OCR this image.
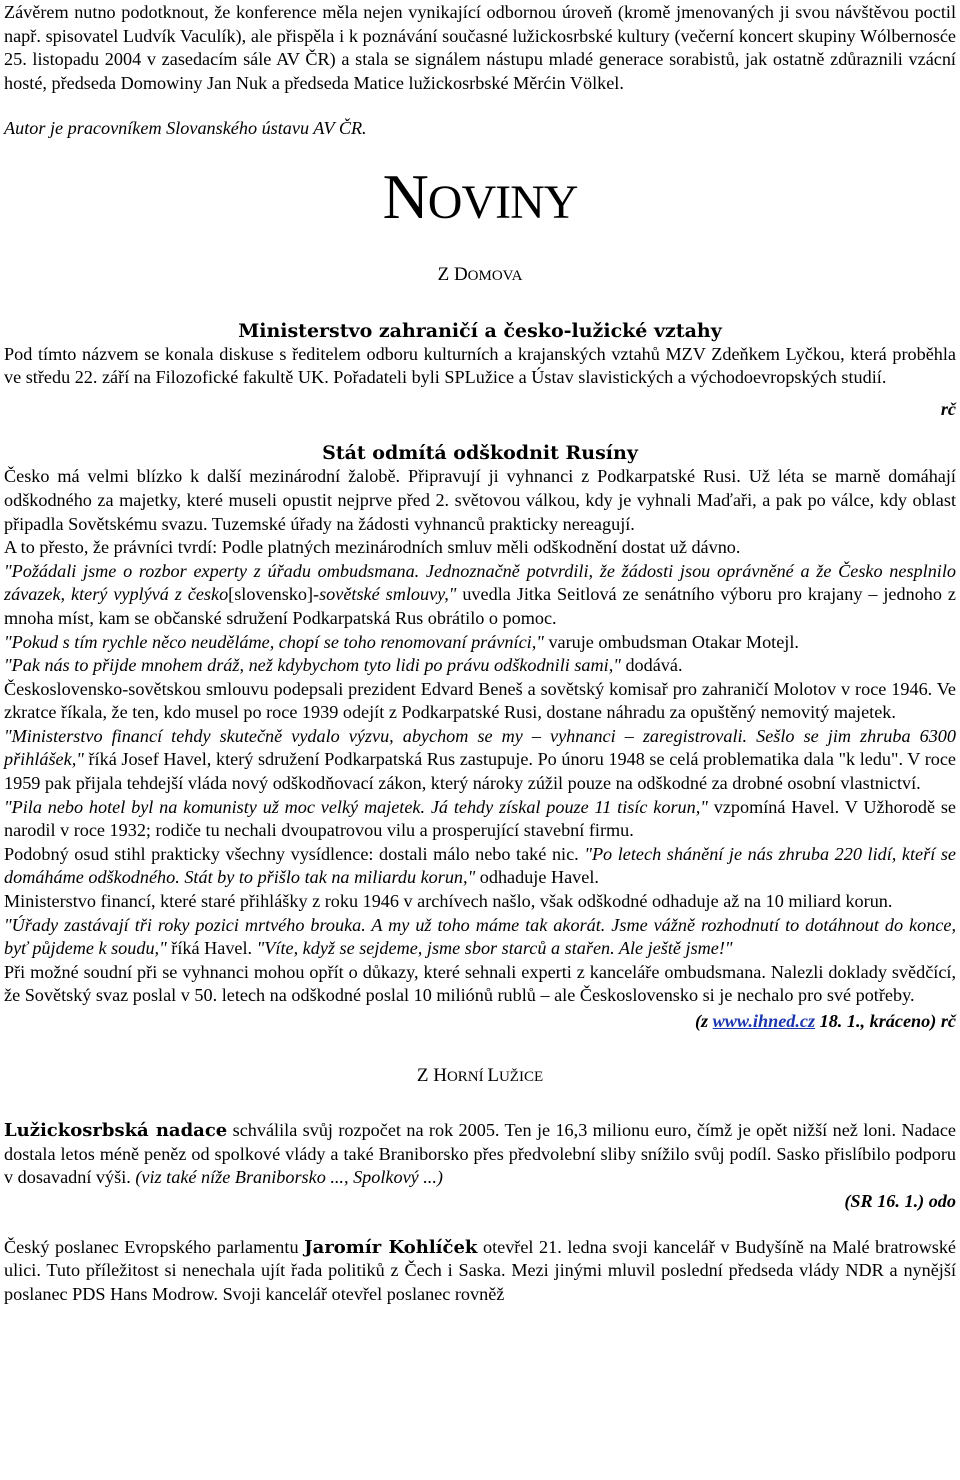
Závěrem nutno podotknout, že konference měla nejen vynikající odbornou úroveň (kromě jmenovaných ji svou návštěvou poctil např. spisovatel Ludvík Vaculík), ale přispěla i k poznávání současné lužickosrbské kultury (večerní koncert skupiny Wólbernosće 25. listopadu 2004 v zasedacím sále AV ČR) a stala se signálem nástupu mladé generace sorabistů, jak ostatně zdůraznili vzácní hosté, předseda Domowiny Jan Nuk a předseda Matice lužickosrbské Měrćin Völkel.

Autor je pracovníkem Slovanského ústavu AV ČR.

NOVINY
Z DOMOVA
Ministerstvo zahraničí a česko-lužické vztahy

Pod tímto názvem se konala diskuse s ředitelem odboru kulturních a krajanských vztahů MZV Zdeňkem Lyčkou, která proběhla ve středu 22. září na Filozofické fakultě UK. Pořadateli byli SPLužice a Ústav slavistických a východoevropských studií.

rč
Stát odmítá odškodnit Rusíny

Česko má velmi blízko k další mezinárodní žalobě. Připravují ji vyhnanci z Podkarpatské Rusi. Už léta se marně domáhají odškodného za majetky, které museli opustit nejprve před 2. světovou válkou, kdy je vyhnali Maďaři, a pak po válce, kdy oblast připadla Sovětskému svazu. Tuzemské úřady na žádosti vyhnanců prakticky nereagují.

A to přesto, že právníci tvrdí: Podle platných mezinárodních smluv měli odškodnění dostat už dávno.

"Požádali jsme o rozbor experty z úřadu ombudsmana. Jednoznačně potvrdili, že žádosti jsou oprávněné a že Česko nesplnilo závazek, který vyplývá z česko[slovensko]-sovětské smlouvy," uvedla Jitka Seitlová ze senátního výboru pro krajany – jednoho z mnoha míst, kam se občanské sdružení Podkarpatská Rus obrátilo o pomoc.

"Pokud s tím rychle něco neuděláme, chopí se toho renomovaní právníci," varuje ombudsman Otakar Motejl.

"Pak nás to přijde mnohem dráž, než kdybychom tyto lidi po právu odškodnili sami," dodává.

Československo-sovětskou smlouvu podepsali prezident Edvard Beneš a sovětský komisař pro zahraničí Molotov v roce 1946. Ve zkratce říkala, že ten, kdo musel po roce 1939 odejít z Podkarpatské Rusi, dostane náhradu za opuštěný nemovitý majetek.

"Ministerstvo financí tehdy skutečně vydalo výzvu, abychom se my – vyhnanci – zaregistrovali. Sešlo se jim zhruba 6300 přihlášek," říká Josef Havel, který sdružení Podkarpatská Rus zastupuje. Po únoru 1948 se celá problematika dala "k ledu". V roce 1959 pak přijala tehdejší vláda nový odškodňovací zákon, který nároky zúžil pouze na odškodné za drobné osobní vlastnictví.

"Pila nebo hotel byl na komunisty už moc velký majetek. Já tehdy získal pouze 11 tisíc korun," vzpomíná Havel. V Užhorodě se narodil v roce 1932; rodiče tu nechali dvoupatrovou vilu a prosperující stavební firmu.

Podobný osud stihl prakticky všechny vysídlence: dostali málo nebo také nic. "Po letech shánění je nás zhruba 220 lidí, kteří se domáháme odškodného. Stát by to přišlo tak na miliardu korun," odhaduje Havel.

Ministerstvo financí, které staré přihlášky z roku 1946 v archívech našlo, však odškodné odhaduje až na 10 miliard korun.

"Úřady zastávají tři roky pozici mrtvého brouka. A my už toho máme tak akorát. Jsme vážně rozhodnutí to dotáhnout do konce, byť půjdeme k soudu," říká Havel. "Víte, když se sejdeme, jsme sbor starců a stařen. Ale ještě jsme!"

Při možné soudní při se vyhnanci mohou opřít o důkazy, které sehnali experti z kanceláře ombudsmana. Nalezli doklady svědčící, že Sovětský svaz poslal v 50. letech na odškodné poslal 10 miliónů rublů – ale Československo si je nechalo pro své potřeby.

(z www.ihned.cz 18. 1., kráceno) rč
Z HORNÍ LUŽICE

Lužickosrbská nadace schválila svůj rozpočet na rok 2005. Ten je 16,3 milionu euro, čímž je opět nižší než loni. Nadace dostala letos méně peněz od spolkové vlády a také Braniborsko přes předvolební sliby snížilo svůj podíl. Sasko přislíbilo podporu v dosavadní výši. (viz také níže Braniborsko ..., Spolkový ...)

(SR 16. 1.) odo

Český poslanec Evropského parlamentu Jaromír Kohlíček otevřel 21. ledna svoji kancelář v Budyšíně na Malé bratrowské ulici. Tuto příležitost si nenechala ujít řada politiků z Čech i Saska. Mezi jinými mluvil poslední předseda vlády NDR a nynější poslanec PDS Hans Modrow. Svoji kancelář otevřel poslanec rovněž
